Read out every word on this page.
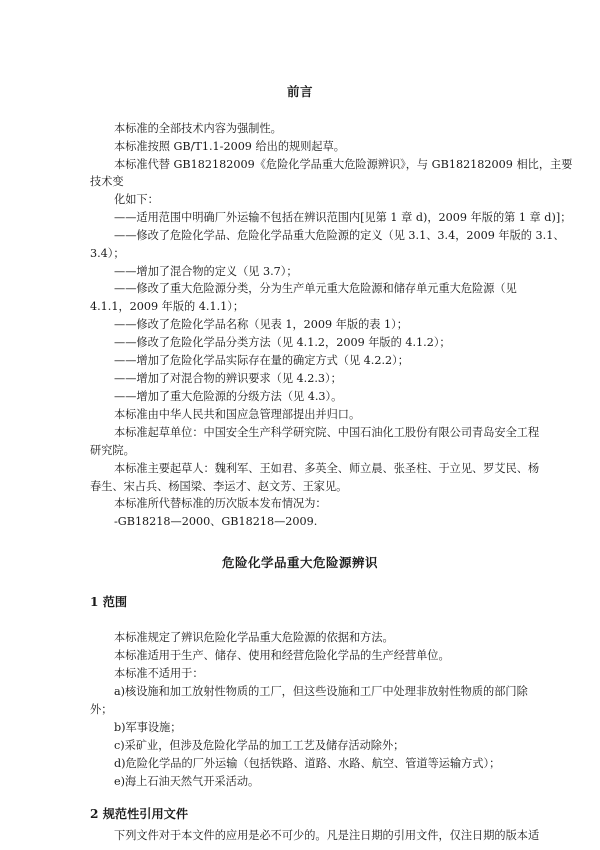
前言
本标准的全部技术内容为强制性。
本标准按照 GB/T1.1-2009 给出的规则起草。
本标准代替 GB182182009《危险化学品重大危险源辨识》，与 GB182182009 相比，主要
技术变
化如下：
——适用范围中明确厂外运输不包括在辨识范围内[见第 1 章 d)，2009 年版的第 1 章 d)]；
——修改了危险化学品、危险化学品重大危险源的定义（见 3.1、3.4，2009 年版的 3.1、
3.4）；
——增加了混合物的定义（见 3.7）；
——修改了重大危险源分类，分为生产单元重大危险源和储存单元重大危险源（见
4.1.1，2009 年版的 4.1.1）；
——修改了危险化学品名称（见表 1，2009 年版的表 1）；
——修改了危险化学品分类方法（见 4.1.2，2009 年版的 4.1.2）；
——增加了危险化学品实际存在量的确定方式（见 4.2.2）；
——增加了对混合物的辨识要求（见 4.2.3）；
——增加了重大危险源的分级方法（见 4.3）。
本标准由中华人民共和国应急管理部提出并归口。
本标准起草单位：中国安全生产科学研究院、中国石油化工股份有限公司青岛安全工程
研究院。
本标准主要起草人：魏利军、王如君、多英全、师立晨、张圣柱、于立见、罗艾民、杨
春生、宋占兵、杨国梁、李运才、赵文芳、王家见。
本标准所代替标准的历次版本发布情况为：
-GB18218—2000、GB18218—2009.
危险化学品重大危险源辨识
1 范围
本标准规定了辨识危险化学品重大危险源的依据和方法。
本标准适用于生产、储存、使用和经营危险化学品的生产经营单位。
本标准不适用于：
a)核设施和加工放射性物质的工厂，但这些设施和工厂中处理非放射性物质的部门除
外；
b)军事设施；
c)采矿业，但涉及危险化学品的加工工艺及储存活动除外；
d)危险化学品的厂外运输（包括铁路、道路、水路、航空、管道等运输方式）；
e)海上石油天然气开采活动。
2 规范性引用文件
下列文件对于本文件的应用是必不可少的。凡是注日期的引用文件，仅注日期的版本适
